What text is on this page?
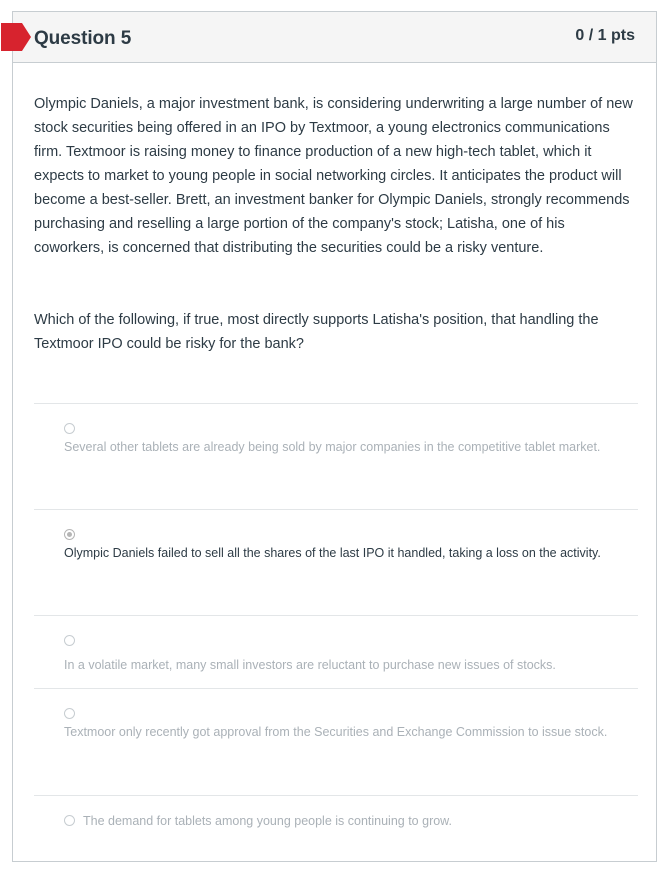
Question 5	0 / 1 pts

Olympic Daniels, a major investment bank, is considering underwriting a large number of new stock securities being offered in an IPO by Textmoor, a young electronics communications firm. Textmoor is raising money to finance production of a new high-tech tablet, which it expects to market to young people in social networking circles. It anticipates the product will become a best-seller. Brett, an investment banker for Olympic Daniels, strongly recommends purchasing and reselling a large portion of the company's stock; Latisha, one of his coworkers, is concerned that distributing the securities could be a risky venture.

Which of the following, if true, most directly supports Latisha's position, that handling the Textmoor IPO could be risky for the bank?

Several other tablets are already being sold by major companies in the competitive tablet market.
Olympic Daniels failed to sell all the shares of the last IPO it handled, taking a loss on the activity.
In a volatile market, many small investors are reluctant to purchase new issues of stocks.
Textmoor only recently got approval from the Securities and Exchange Commission to issue stock.
The demand for tablets among young people is continuing to grow.
